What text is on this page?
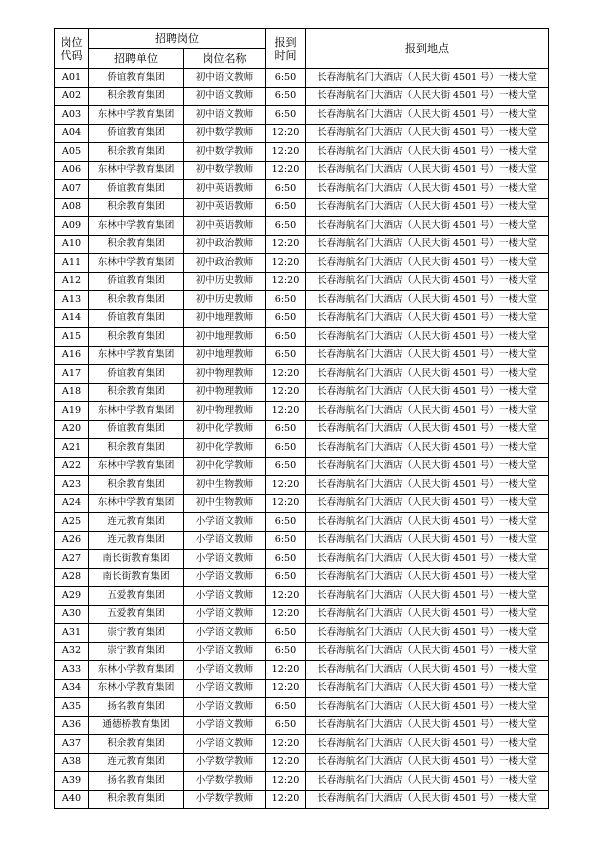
岗位代码	招聘岗位		报到时间	报到地点
	招聘单位	岗位名称		
A01	侨谊教育集团	初中语文教师	6:50	长春海航名门大酒店（人民大街 4501 号）一楼大堂
A02	积余教育集团	初中语文教师	6:50	长春海航名门大酒店（人民大街 4501 号）一楼大堂
A03	东林中学教育集团	初中语文教师	6:50	长春海航名门大酒店（人民大街 4501 号）一楼大堂
A04	侨谊教育集团	初中数学教师	12:20	长春海航名门大酒店（人民大街 4501 号）一楼大堂
A05	积余教育集团	初中数学教师	12:20	长春海航名门大酒店（人民大街 4501 号）一楼大堂
A06	东林中学教育集团	初中数学教师	12:20	长春海航名门大酒店（人民大街 4501 号）一楼大堂
A07	侨谊教育集团	初中英语教师	6:50	长春海航名门大酒店（人民大街 4501 号）一楼大堂
A08	积余教育集团	初中英语教师	6:50	长春海航名门大酒店（人民大街 4501 号）一楼大堂
A09	东林中学教育集团	初中英语教师	6:50	长春海航名门大酒店（人民大街 4501 号）一楼大堂
A10	积余教育集团	初中政治教师	12:20	长春海航名门大酒店（人民大街 4501 号）一楼大堂
A11	东林中学教育集团	初中政治教师	12:20	长春海航名门大酒店（人民大街 4501 号）一楼大堂
A12	侨谊教育集团	初中历史教师	12:20	长春海航名门大酒店（人民大街 4501 号）一楼大堂
A13	积余教育集团	初中历史教师	6:50	长春海航名门大酒店（人民大街 4501 号）一楼大堂
A14	侨谊教育集团	初中地理教师	6:50	长春海航名门大酒店（人民大街 4501 号）一楼大堂
A15	积余教育集团	初中地理教师	6:50	长春海航名门大酒店（人民大街 4501 号）一楼大堂
A16	东林中学教育集团	初中地理教师	6:50	长春海航名门大酒店（人民大街 4501 号）一楼大堂
A17	侨谊教育集团	初中物理教师	12:20	长春海航名门大酒店（人民大街 4501 号）一楼大堂
A18	积余教育集团	初中物理教师	12:20	长春海航名门大酒店（人民大街 4501 号）一楼大堂
A19	东林中学教育集团	初中物理教师	12:20	长春海航名门大酒店（人民大街 4501 号）一楼大堂
A20	侨谊教育集团	初中化学教师	6:50	长春海航名门大酒店（人民大街 4501 号）一楼大堂
A21	积余教育集团	初中化学教师	6:50	长春海航名门大酒店（人民大街 4501 号）一楼大堂
A22	东林中学教育集团	初中化学教师	6:50	长春海航名门大酒店（人民大街 4501 号）一楼大堂
A23	积余教育集团	初中生物教师	12:20	长春海航名门大酒店（人民大街 4501 号）一楼大堂
A24	东林中学教育集团	初中生物教师	12:20	长春海航名门大酒店（人民大街 4501 号）一楼大堂
A25	连元教育集团	小学语文教师	6:50	长春海航名门大酒店（人民大街 4501 号）一楼大堂
A26	连元教育集团	小学语文教师	6:50	长春海航名门大酒店（人民大街 4501 号）一楼大堂
A27	南长街教育集团	小学语文教师	6:50	长春海航名门大酒店（人民大街 4501 号）一楼大堂
A28	南长街教育集团	小学语文教师	6:50	长春海航名门大酒店（人民大街 4501 号）一楼大堂
A29	五爱教育集团	小学语文教师	12:20	长春海航名门大酒店（人民大街 4501 号）一楼大堂
A30	五爱教育集团	小学语文教师	12:20	长春海航名门大酒店（人民大街 4501 号）一楼大堂
A31	崇宁教育集团	小学语文教师	6:50	长春海航名门大酒店（人民大街 4501 号）一楼大堂
A32	崇宁教育集团	小学语文教师	6:50	长春海航名门大酒店（人民大街 4501 号）一楼大堂
A33	东林小学教育集团	小学语文教师	12:20	长春海航名门大酒店（人民大街 4501 号）一楼大堂
A34	东林小学教育集团	小学语文教师	12:20	长春海航名门大酒店（人民大街 4501 号）一楼大堂
A35	扬名教育集团	小学语文教师	6:50	长春海航名门大酒店（人民大街 4501 号）一楼大堂
A36	通德桥教育集团	小学语文教师	6:50	长春海航名门大酒店（人民大街 4501 号）一楼大堂
A37	积余教育集团	小学语文教师	12:20	长春海航名门大酒店（人民大街 4501 号）一楼大堂
A38	连元教育集团	小学数学教师	12:20	长春海航名门大酒店（人民大街 4501 号）一楼大堂
A39	扬名教育集团	小学数学教师	12:20	长春海航名门大酒店（人民大街 4501 号）一楼大堂
A40	积余教育集团	小学数学教师	12:20	长春海航名门大酒店（人民大街 4501 号）一楼大堂
